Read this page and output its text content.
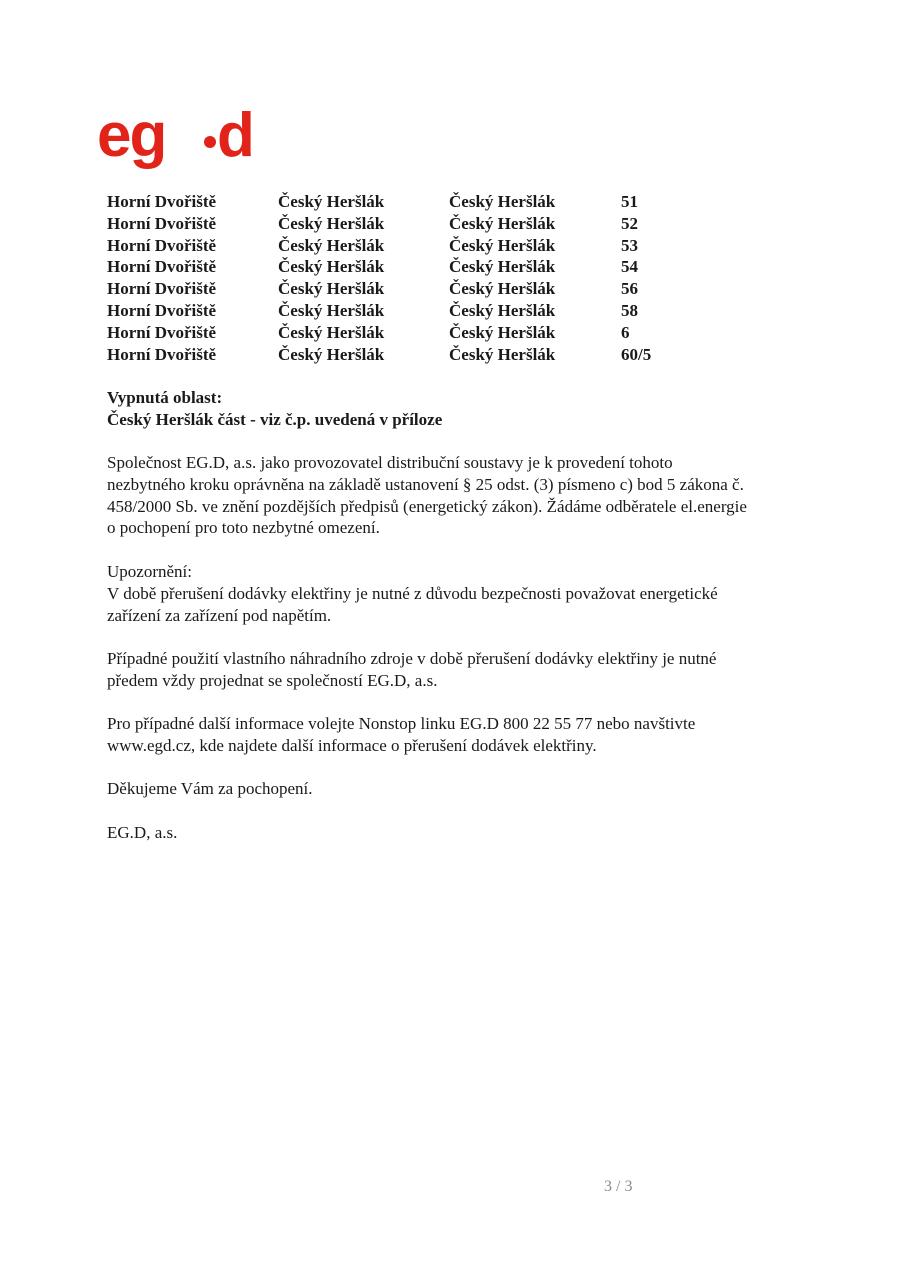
eg d
Horní Dvořiště	Český Heršlák	Český Heršlák	51
Horní Dvořiště	Český Heršlák	Český Heršlák	52
Horní Dvořiště	Český Heršlák	Český Heršlák	53
Horní Dvořiště	Český Heršlák	Český Heršlák	54
Horní Dvořiště	Český Heršlák	Český Heršlák	56
Horní Dvořiště	Český Heršlák	Český Heršlák	58
Horní Dvořiště	Český Heršlák	Český Heršlák	6
Horní Dvořiště	Český Heršlák	Český Heršlák	60/5
Vypnutá oblast:
Český Heršlák část - viz č.p. uvedená v příloze
Společnost EG.D, a.s. jako provozovatel distribuční soustavy je k provedení tohoto
nezbytného kroku oprávněna na základě ustanovení § 25 odst. (3) písmeno c) bod 5 zákona č.
458/2000 Sb. ve znění pozdějších předpisů (energetický zákon). Žádáme odběratele el.energie
o pochopení pro toto nezbytné omezení.
Upozornění:
V době přerušení dodávky elektřiny je nutné z důvodu bezpečnosti považovat energetické
zařízení za zařízení pod napětím.
Případné použití vlastního náhradního zdroje v době přerušení dodávky elektřiny je nutné
předem vždy projednat se společností EG.D, a.s.
Pro případné další informace volejte Nonstop linku EG.D 800 22 55 77 nebo navštivte
www.egd.cz, kde najdete další informace o přerušení dodávek elektřiny.
Děkujeme Vám za pochopení.
EG.D, a.s.
3 / 3
